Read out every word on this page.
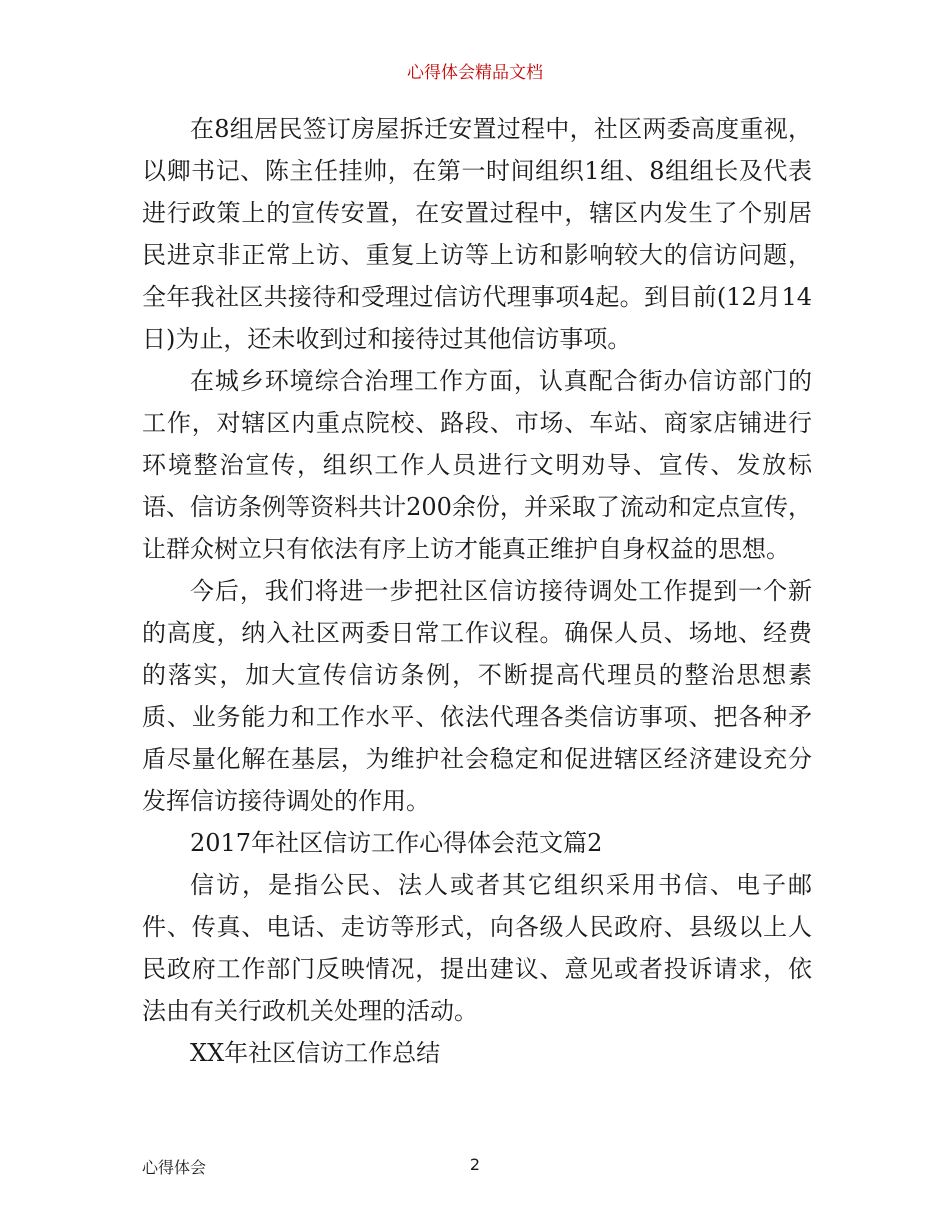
心得体会精品文档

在8组居民签订房屋拆迁安置过程中，社区两委高度重视，以卿书记、陈主任挂帅，在第一时间组织1组、8组组长及代表进行政策上的宣传安置，在安置过程中，辖区内发生了个别居民进京非正常上访、重复上访等上访和影响较大的信访问题，全年我社区共接待和受理过信访代理事项4起。到目前(12月14日)为止，还未收到过和接待过其他信访事项。

在城乡环境综合治理工作方面，认真配合街办信访部门的工作，对辖区内重点院校、路段、市场、车站、商家店铺进行环境整治宣传，组织工作人员进行文明劝导、宣传、发放标语、信访条例等资料共计200余份，并采取了流动和定点宣传，让群众树立只有依法有序上访才能真正维护自身权益的思想。

今后，我们将进一步把社区信访接待调处工作提到一个新的高度，纳入社区两委日常工作议程。确保人员、场地、经费的落实，加大宣传信访条例，不断提高代理员的整治思想素质、业务能力和工作水平、依法代理各类信访事项、把各种矛盾尽量化解在基层，为维护社会稳定和促进辖区经济建设充分发挥信访接待调处的作用。

2017年社区信访工作心得体会范文篇2

信访，是指公民、法人或者其它组织采用书信、电子邮件、传真、电话、走访等形式，向各级人民政府、县级以上人民政府工作部门反映情况，提出建议、意见或者投诉请求，依法由有关行政机关处理的活动。

XX年社区信访工作总结

心得体会	2
